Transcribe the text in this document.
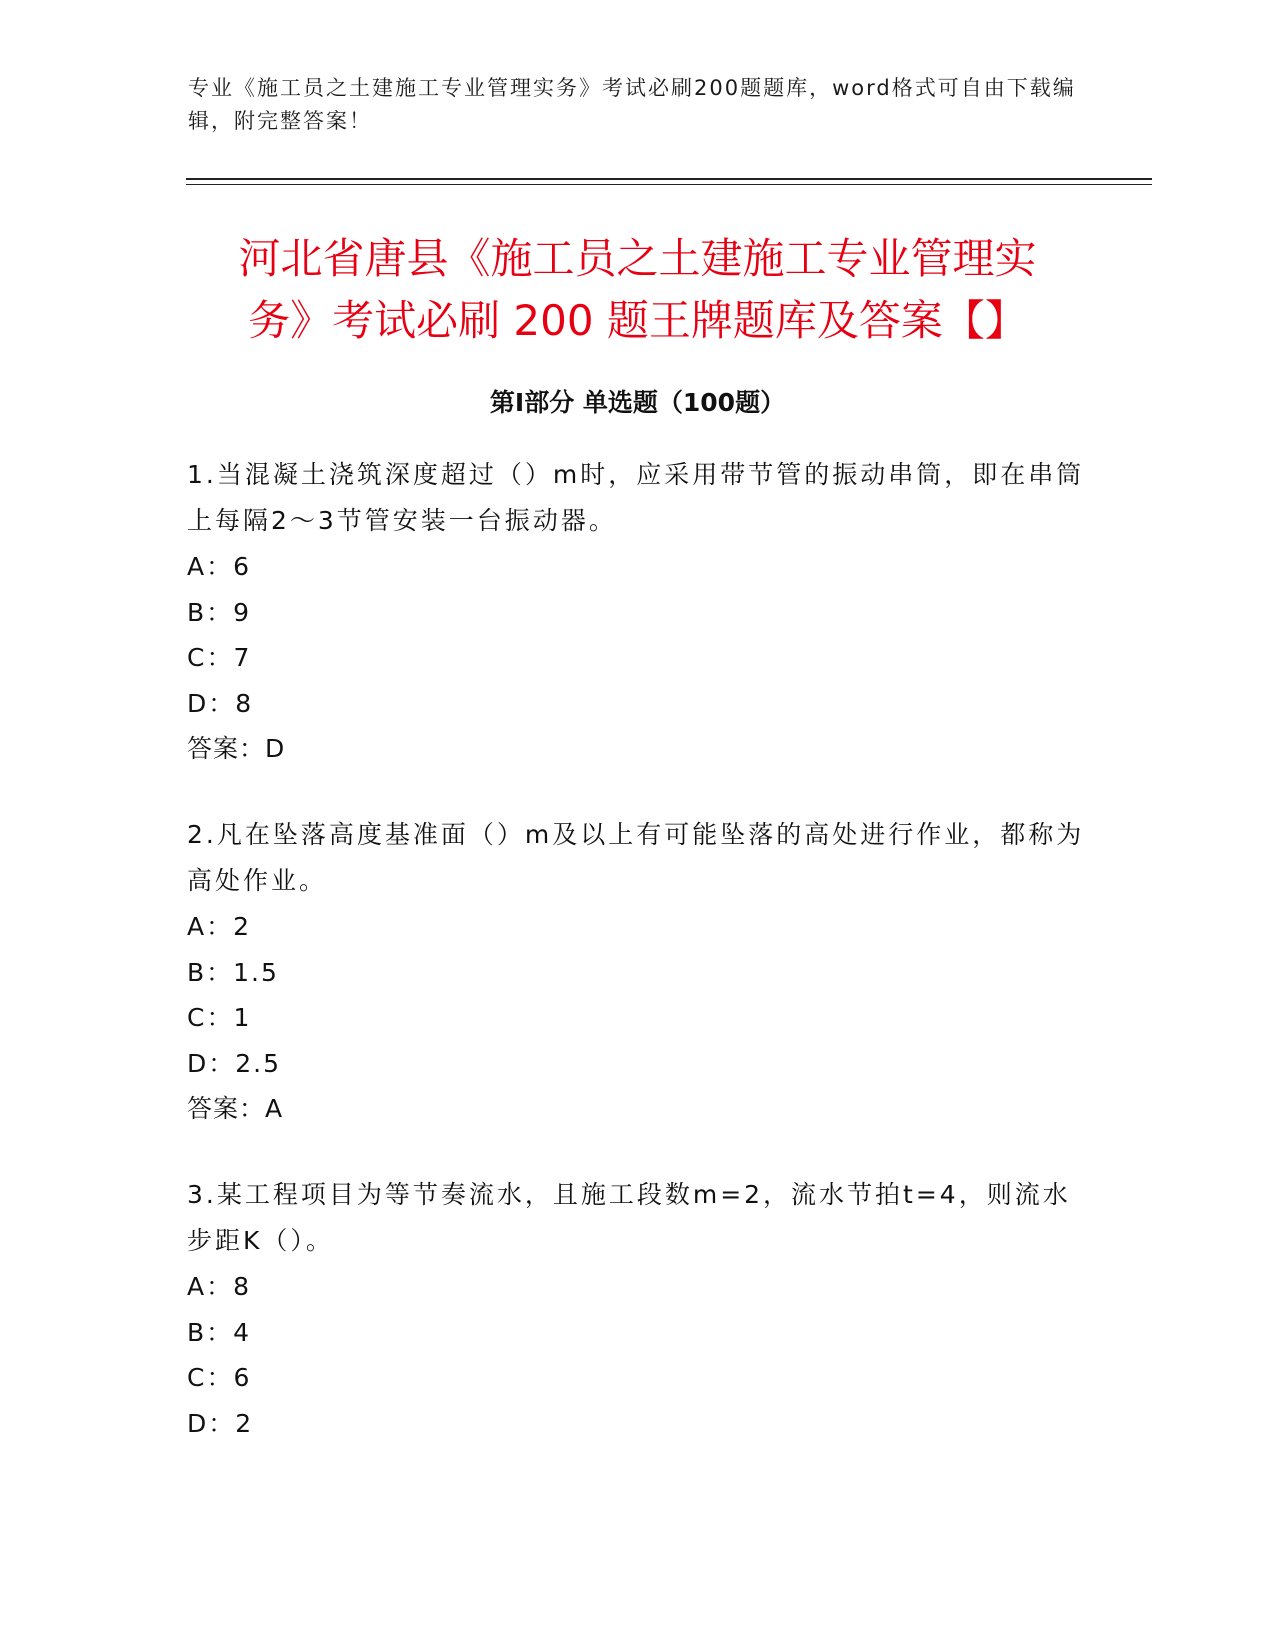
专业《施工员之土建施工专业管理实务》考试必刷200题题库，word格式可自由下载编辑，附完整答案！
河北省唐县《施工员之土建施工专业管理实
务》考试必刷 200 题王牌题库及答案【】
第Ⅰ部分 单选题（100题）

1.当混凝土浇筑深度超过（）m时，应采用带节管的振动串筒，即在串筒上每隔2～3节管安装一台振动器。

A：6

B：9

C：7

D：8

答案：D

2.凡在坠落高度基准面（）m及以上有可能坠落的高处进行作业，都称为高处作业。

A：2

B：1.5

C：1

D：2.5

答案：A

3.某工程项目为等节奏流水，且施工段数m=2，流水节拍t=4，则流水步距K（）。

A：8

B：4

C：6

D：2
